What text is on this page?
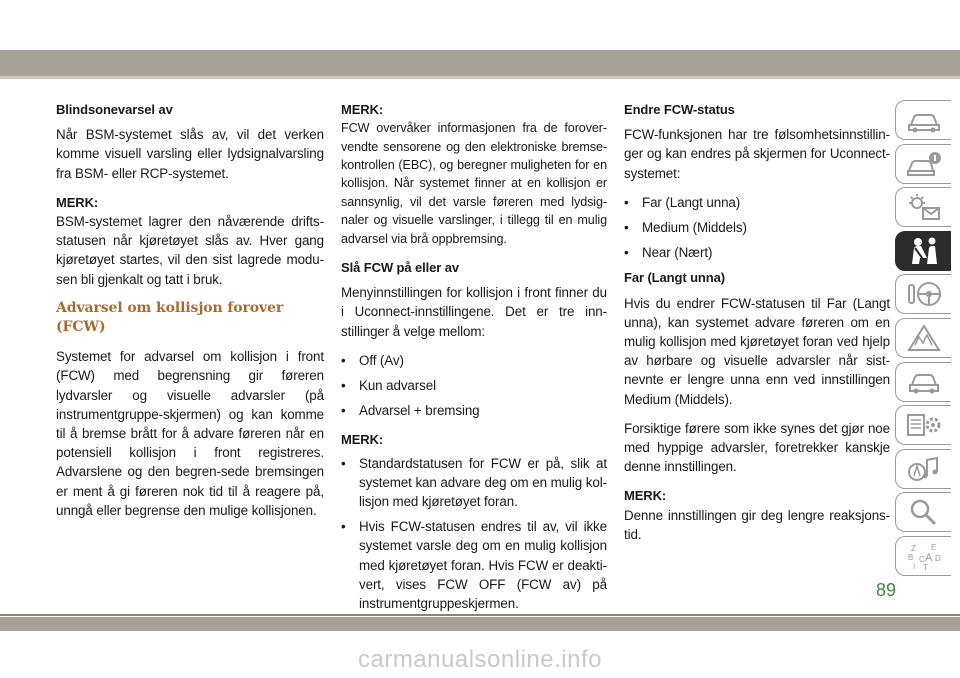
Blindsonevarsel av
Når BSM-systemet slås av, vil det verken komme visuell varsling eller lydsignalvarsling fra BSM- eller RCP-systemet.
MERK:
BSM-systemet lagrer den nåværende drifts-statusen når kjøretøyet slås av. Hver gang kjøretøyet startes, vil den sist lagrede modu-sen bli gjenkalt og tatt i bruk.
Advarsel om kollisjon forover (FCW)
Systemet for advarsel om kollisjon i front (FCW) med begrensning gir føreren lydvarsler og visuelle advarsler (på instrumentgruppe-skjermen) og kan komme til å bremse brått for å advare føreren når en potensiell kollisjon i front registreres. Advarslene og den begren-sede bremsingen er ment å gi føreren nok tid til å reagere på, unngå eller begrense den mulige kollisjonen.
MERK:
FCW overvåker informasjonen fra de forover-vendte sensorene og den elektroniske bremse-kontrollen (EBC), og beregner muligheten for en kollisjon. Når systemet finner at en kollisjon er sannsynlig, vil det varsle føreren med lydsig-naler og visuelle varslinger, i tillegg til en mulig advarsel via brå oppbremsing.
Slå FCW på eller av
Menyinnstillingen for kollisjon i front finner du i Uconnect-innstillingene. Det er tre inn-stillinger å velge mellom:
• Off (Av)
• Kun advarsel
• Advarsel + bremsing
MERK:
• Standardstatusen for FCW er på, slik at systemet kan advare deg om en mulig kol-lisjon med kjøretøyet foran.
• Hvis FCW-statusen endres til av, vil ikke systemet varsle deg om en mulig kollisjon med kjøretøyet foran. Hvis FCW er deakti-vert, vises FCW OFF (FCW av) på instrumentgruppeskjermen.
Endre FCW-status
FCW-funksjonen har tre følsomhetsinnstillin-ger og kan endres på skjermen for Uconnect-systemet:
• Far (Langt unna)
• Medium (Middels)
• Near (Nært)
Far (Langt unna)
Hvis du endrer FCW-statusen til Far (Langt unna), kan systemet advare føreren om en mulig kollisjon med kjøretøyet foran ved hjelp av hørbare og visuelle advarsler når sist-nevnte er lengre unna enn ved innstillingen Medium (Middels).
Forsiktige førere som ikke synes det gjør noe med hyppige advarsler, foretrekker kanskje denne innstillingen.
MERK:
Denne innstillingen gir deg lengre reaksjons-tid.
Z E
B A
I
C D
T
89
carmanualsonline.info
